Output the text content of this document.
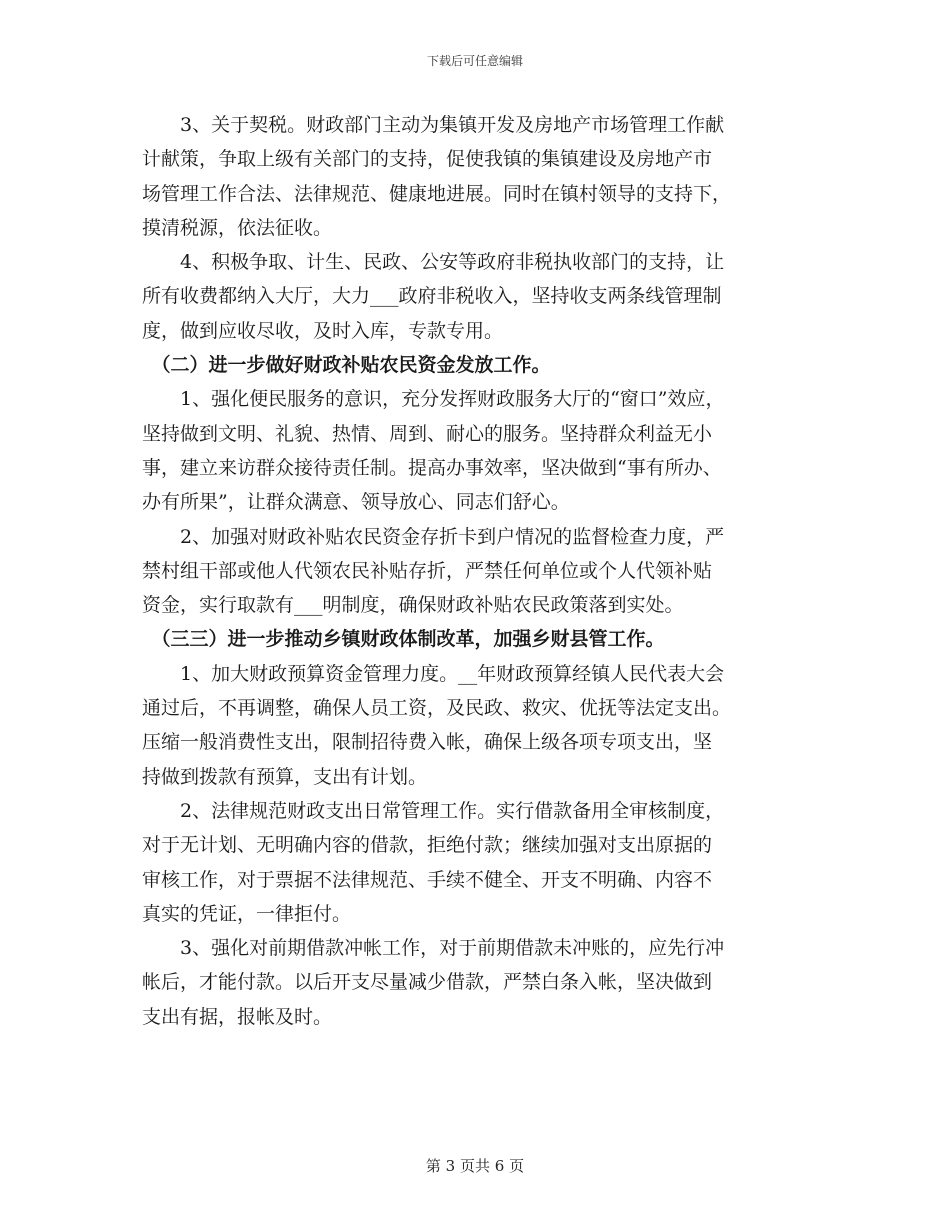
下载后可任意编辑
　　3、关于契税。财政部门主动为集镇开发及房地产市场管理工作献
计献策，争取上级有关部门的支持，促使我镇的集镇建设及房地产市
场管理工作合法、法律规范、健康地进展。同时在镇村领导的支持下，
摸清税源，依法征收。
　　4、积极争取、计生、民政、公安等政府非税执收部门的支持，让
所有收费都纳入大厅，大力___政府非税收入，坚持收支两条线管理制
度，做到应收尽收，及时入库，专款专用。
　（二）进一步做好财政补贴农民资金发放工作。
　　1、强化便民服务的意识，充分发挥财政服务大厅的“窗口”效应，
坚持做到文明、礼貌、热情、周到、耐心的服务。坚持群众利益无小
事，建立来访群众接待责任制。提高办事效率，坚决做到“事有所办、
办有所果”，让群众满意、领导放心、同志们舒心。
　　2、加强对财政补贴农民资金存折卡到户情况的监督检查力度，严
禁村组干部或他人代领农民补贴存折，严禁任何单位或个人代领补贴
资金，实行取款有___明制度，确保财政补贴农民政策落到实处。
　（三三）进一步推动乡镇财政体制改革，加强乡财县管工作。
　　1、加大财政预算资金管理力度。__年财政预算经镇人民代表大会
通过后，不再调整，确保人员工资，及民政、救灾、优抚等法定支出。
压缩一般消费性支出，限制招待费入帐，确保上级各项专项支出，坚
持做到拨款有预算，支出有计划。
　　2、法律规范财政支出日常管理工作。实行借款备用全审核制度，
对于无计划、无明确内容的借款，拒绝付款；继续加强对支出原据的
审核工作，对于票据不法律规范、手续不健全、开支不明确、内容不
真实的凭证，一律拒付。
　　3、强化对前期借款冲帐工作，对于前期借款未冲账的，应先行冲
帐后，才能付款。以后开支尽量减少借款，严禁白条入帐，坚决做到
支出有据，报帐及时。
第 3 页共 6 页
